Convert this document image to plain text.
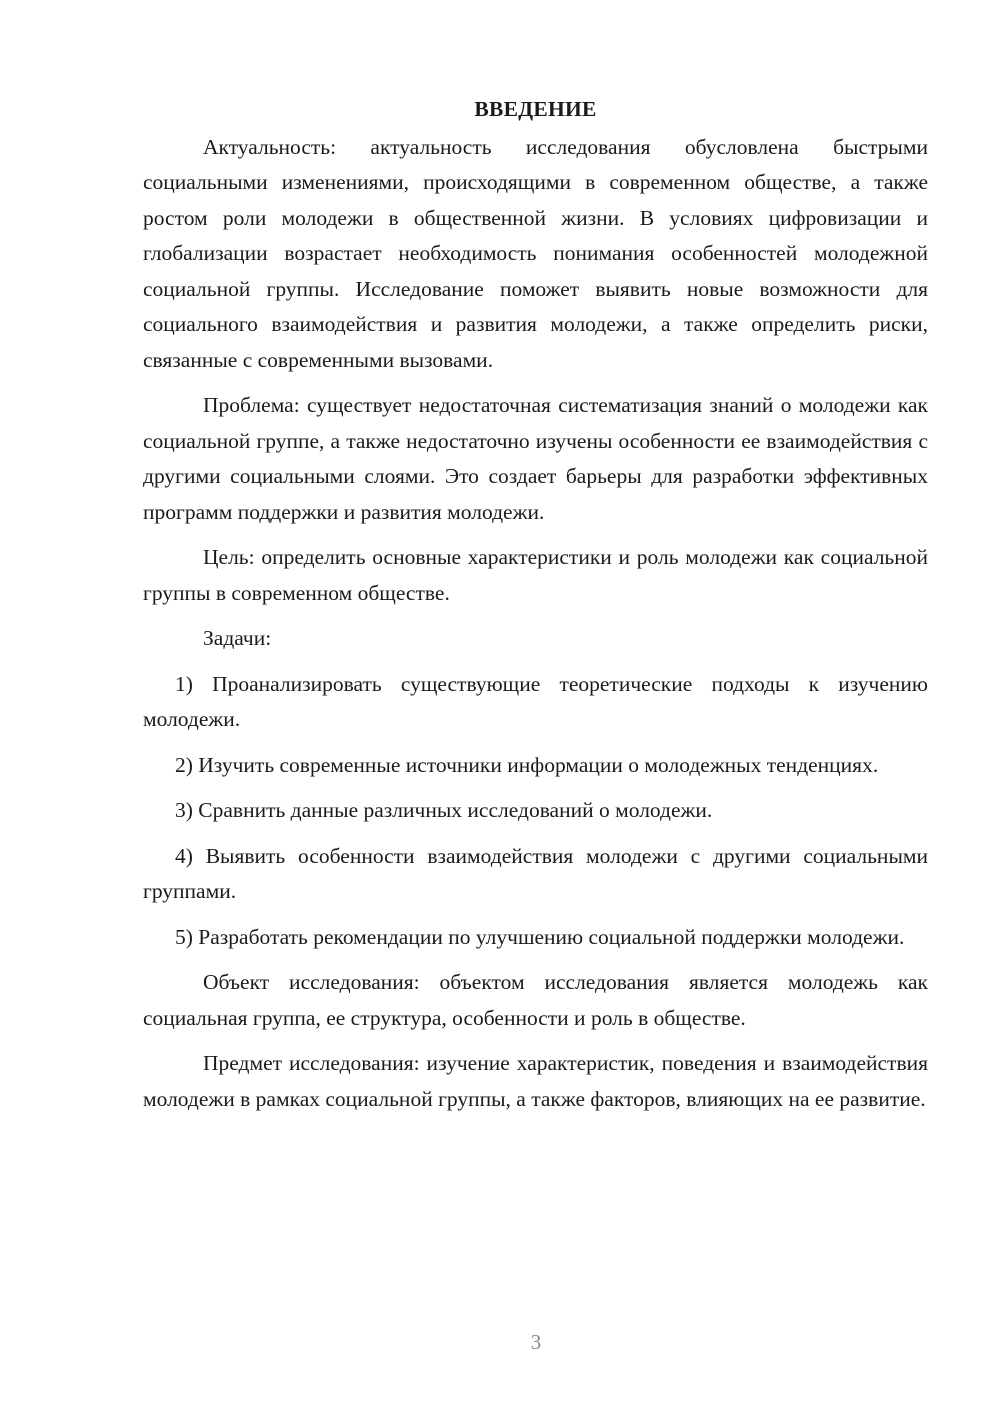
ВВЕДЕНИЕ

Актуальность: актуальность исследования обусловлена быстрыми социальными изменениями, происходящими в современном обществе, а также ростом роли молодежи в общественной жизни. В условиях цифровизации и глобализации возрастает необходимость понимания особенностей молодежной социальной группы. Исследование поможет выявить новые возможности для социального взаимодействия и развития молодежи, а также определить риски, связанные с современными вызовами.

Проблема: существует недостаточная систематизация знаний о молодежи как социальной группе, а также недостаточно изучены особенности ее взаимодействия с другими социальными слоями. Это создает барьеры для разработки эффективных программ поддержки и развития молодежи.

Цель: определить основные характеристики и роль молодежи как социальной группы в современном обществе.

Задачи:

1) Проанализировать существующие теоретические подходы к изучению молодежи.

2) Изучить современные источники информации о молодежных тенденциях.

3) Сравнить данные различных исследований о молодежи.

4) Выявить особенности взаимодействия молодежи с другими социальными группами.

5) Разработать рекомендации по улучшению социальной поддержки молодежи.

Объект исследования: объектом исследования является молодежь как социальная группа, ее структура, особенности и роль в обществе.

Предмет исследования: изучение характеристик, поведения и взаимодействия молодежи в рамках социальной группы, а также факторов, влияющих на ее развитие.

3
